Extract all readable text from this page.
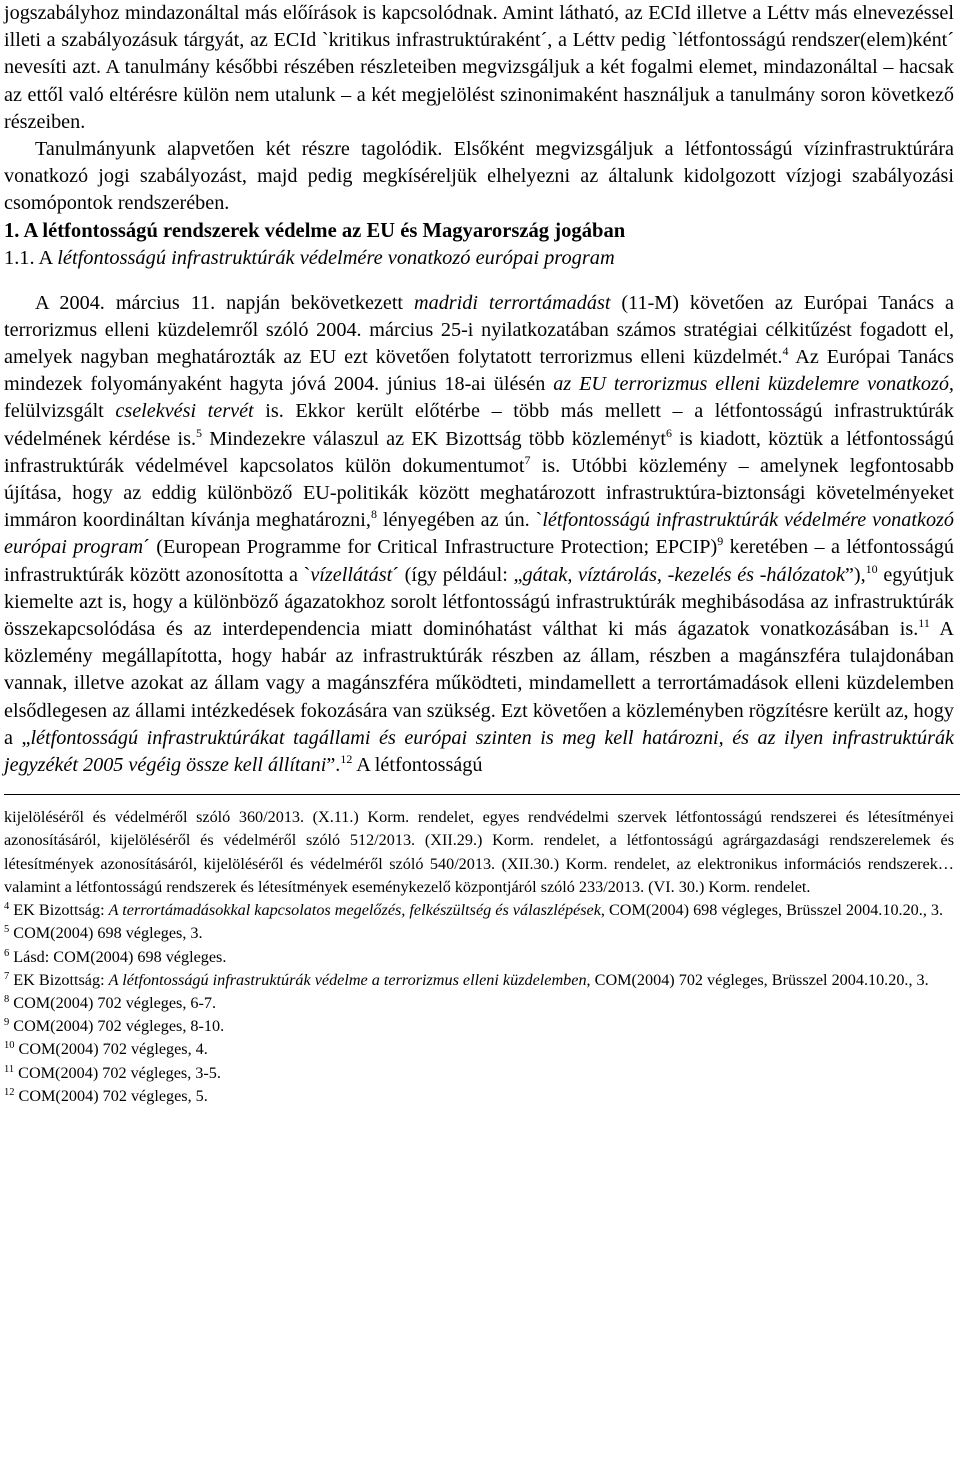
jogszabályhoz mindazonáltal más előírások is kapcsolódnak. Amint látható, az ECId illetve a Léttv más elnevezéssel illeti a szabályozásuk tárgyát, az ECId `kritikus infrastruktúraként´, a Léttv pedig `létfontosságú rendszer(elem)ként´ nevesíti azt. A tanulmány későbbi részében részleteiben megvizsgáljuk a két fogalmi elemet, mindazonáltal – hacsak az ettől való eltérésre külön nem utalunk – a két megjelölést szinonimaként használjuk a tanulmány soron következő részeiben.

Tanulmányunk alapvetően két részre tagolódik. Elsőként megvizsgáljuk a létfontosságú vízinfrastruktúrára vonatkozó jogi szabályozást, majd pedig megkíséreljük elhelyezni az általunk kidolgozott vízjogi szabályozási csomópontok rendszerében.

1. A létfontosságú rendszerek védelme az EU és Magyarország jogában

1.1. A létfontosságú infrastruktúrák védelmére vonatkozó európai program

A 2004. március 11. napján bekövetkezett madridi terrortámadást (11-M) követően az Európai Tanács a terrorizmus elleni küzdelemről szóló 2004. március 25-i nyilatkozatában számos stratégiai célkitűzést fogadott el, amelyek nagyban meghatározták az EU ezt követően folytatott terrorizmus elleni küzdelmét.$^4$ Az Európai Tanács mindezek folyományaként hagyta jóvá 2004. június 18-ai ülésén az EU terrorizmus elleni küzdelemre vonatkozó, felülvizsgált cselekvési tervét is. Ekkor került előtérbe – több más mellett – a létfontosságú infrastruktúrák védelmének kérdése is.$^5$ Mindezekre válaszul az EK Bizottság több közleményt$^6$ is kiadott, köztük a létfontosságú infrastruktúrák védelmével kapcsolatos külön dokumentumot$^7$ is. Utóbbi közlemény – amelynek legfontosabb újítása, hogy az eddig különböző EU-politikák között meghatározott infrastruktúra-biztonsági követelményeket immáron koordináltan kívánja meghatározni,$^8$ lényegében az ún. `létfontosságú infrastruktúrák védelmére vonatkozó európai program´ (European Programme for Critical Infrastructure Protection; EPCIP)$^9$ keretében – a létfontosságú infrastruktúrák között azonosította a `vízellátást´ (így például: „gátak, víztárolás, -kezelés és -hálózatok”),$^{10}$ egyútjuk kiemelte azt is, hogy a különböző ágazatokhoz sorolt létfontosságú infrastruktúrák meghibásodása az infrastruktúrák összekapcsolódása és az interdependencia miatt dominóhatást válthat ki más ágazatok vonatkozásában is.$^{11}$ A közlemény megállapította, hogy habár az infrastruktúrák részben az állam, részben a magánszféra tulajdonában vannak, illetve azokat az állam vagy a magánszféra működteti, mindamellett a terrortámadások elleni küzdelemben elsődlegesen az állami intézkedések fokozására van szükség. Ezt követően a közleményben rögzítésre került az, hogy a „létfontosságú infrastruktúrákat tagállami és európai szinten is meg kell határozni, és az ilyen infrastruktúrák jegyzékét 2005 végéig össze kell állítani”.$^{12}$ A létfontosságú

kijelöléséről és védelméről szóló 360/2013. (X.11.) Korm. rendelet, egyes rendvédelmi szervek létfontosságú rendszerei és létesítményei azonosításáról, kijelöléséről és védelméről szóló 512/2013. (XII.29.) Korm. rendelet, a létfontosságú agrárgazdasági rendszerelemek és létesítmények azonosításáról, kijelöléséről és védelméről szóló 540/2013. (XII.30.) Korm. rendelet, az elektronikus információs rendszerek… valamint a létfontosságú rendszerek és létesítmények eseménykezelő központjáról szóló 233/2013. (VI. 30.) Korm. rendelet.

$^4$ EK Bizottság: A terrortámadásokkal kapcsolatos megelőzés, felkészültség és válaszlépések, COM(2004) 698 végleges, Brüsszel 2004.10.20., 3.

$^5$ COM(2004) 698 végleges, 3.

$^6$ Lásd: COM(2004) 698 végleges.

$^7$ EK Bizottság: A létfontosságú infrastruktúrák védelme a terrorizmus elleni küzdelemben, COM(2004) 702 végleges, Brüsszel 2004.10.20., 3.

$^8$ COM(2004) 702 végleges, 6-7.

$^9$ COM(2004) 702 végleges, 8-10.

$^{10}$ COM(2004) 702 végleges, 4.

$^{11}$ COM(2004) 702 végleges, 3-5.

$^{12}$ COM(2004) 702 végleges, 5.
